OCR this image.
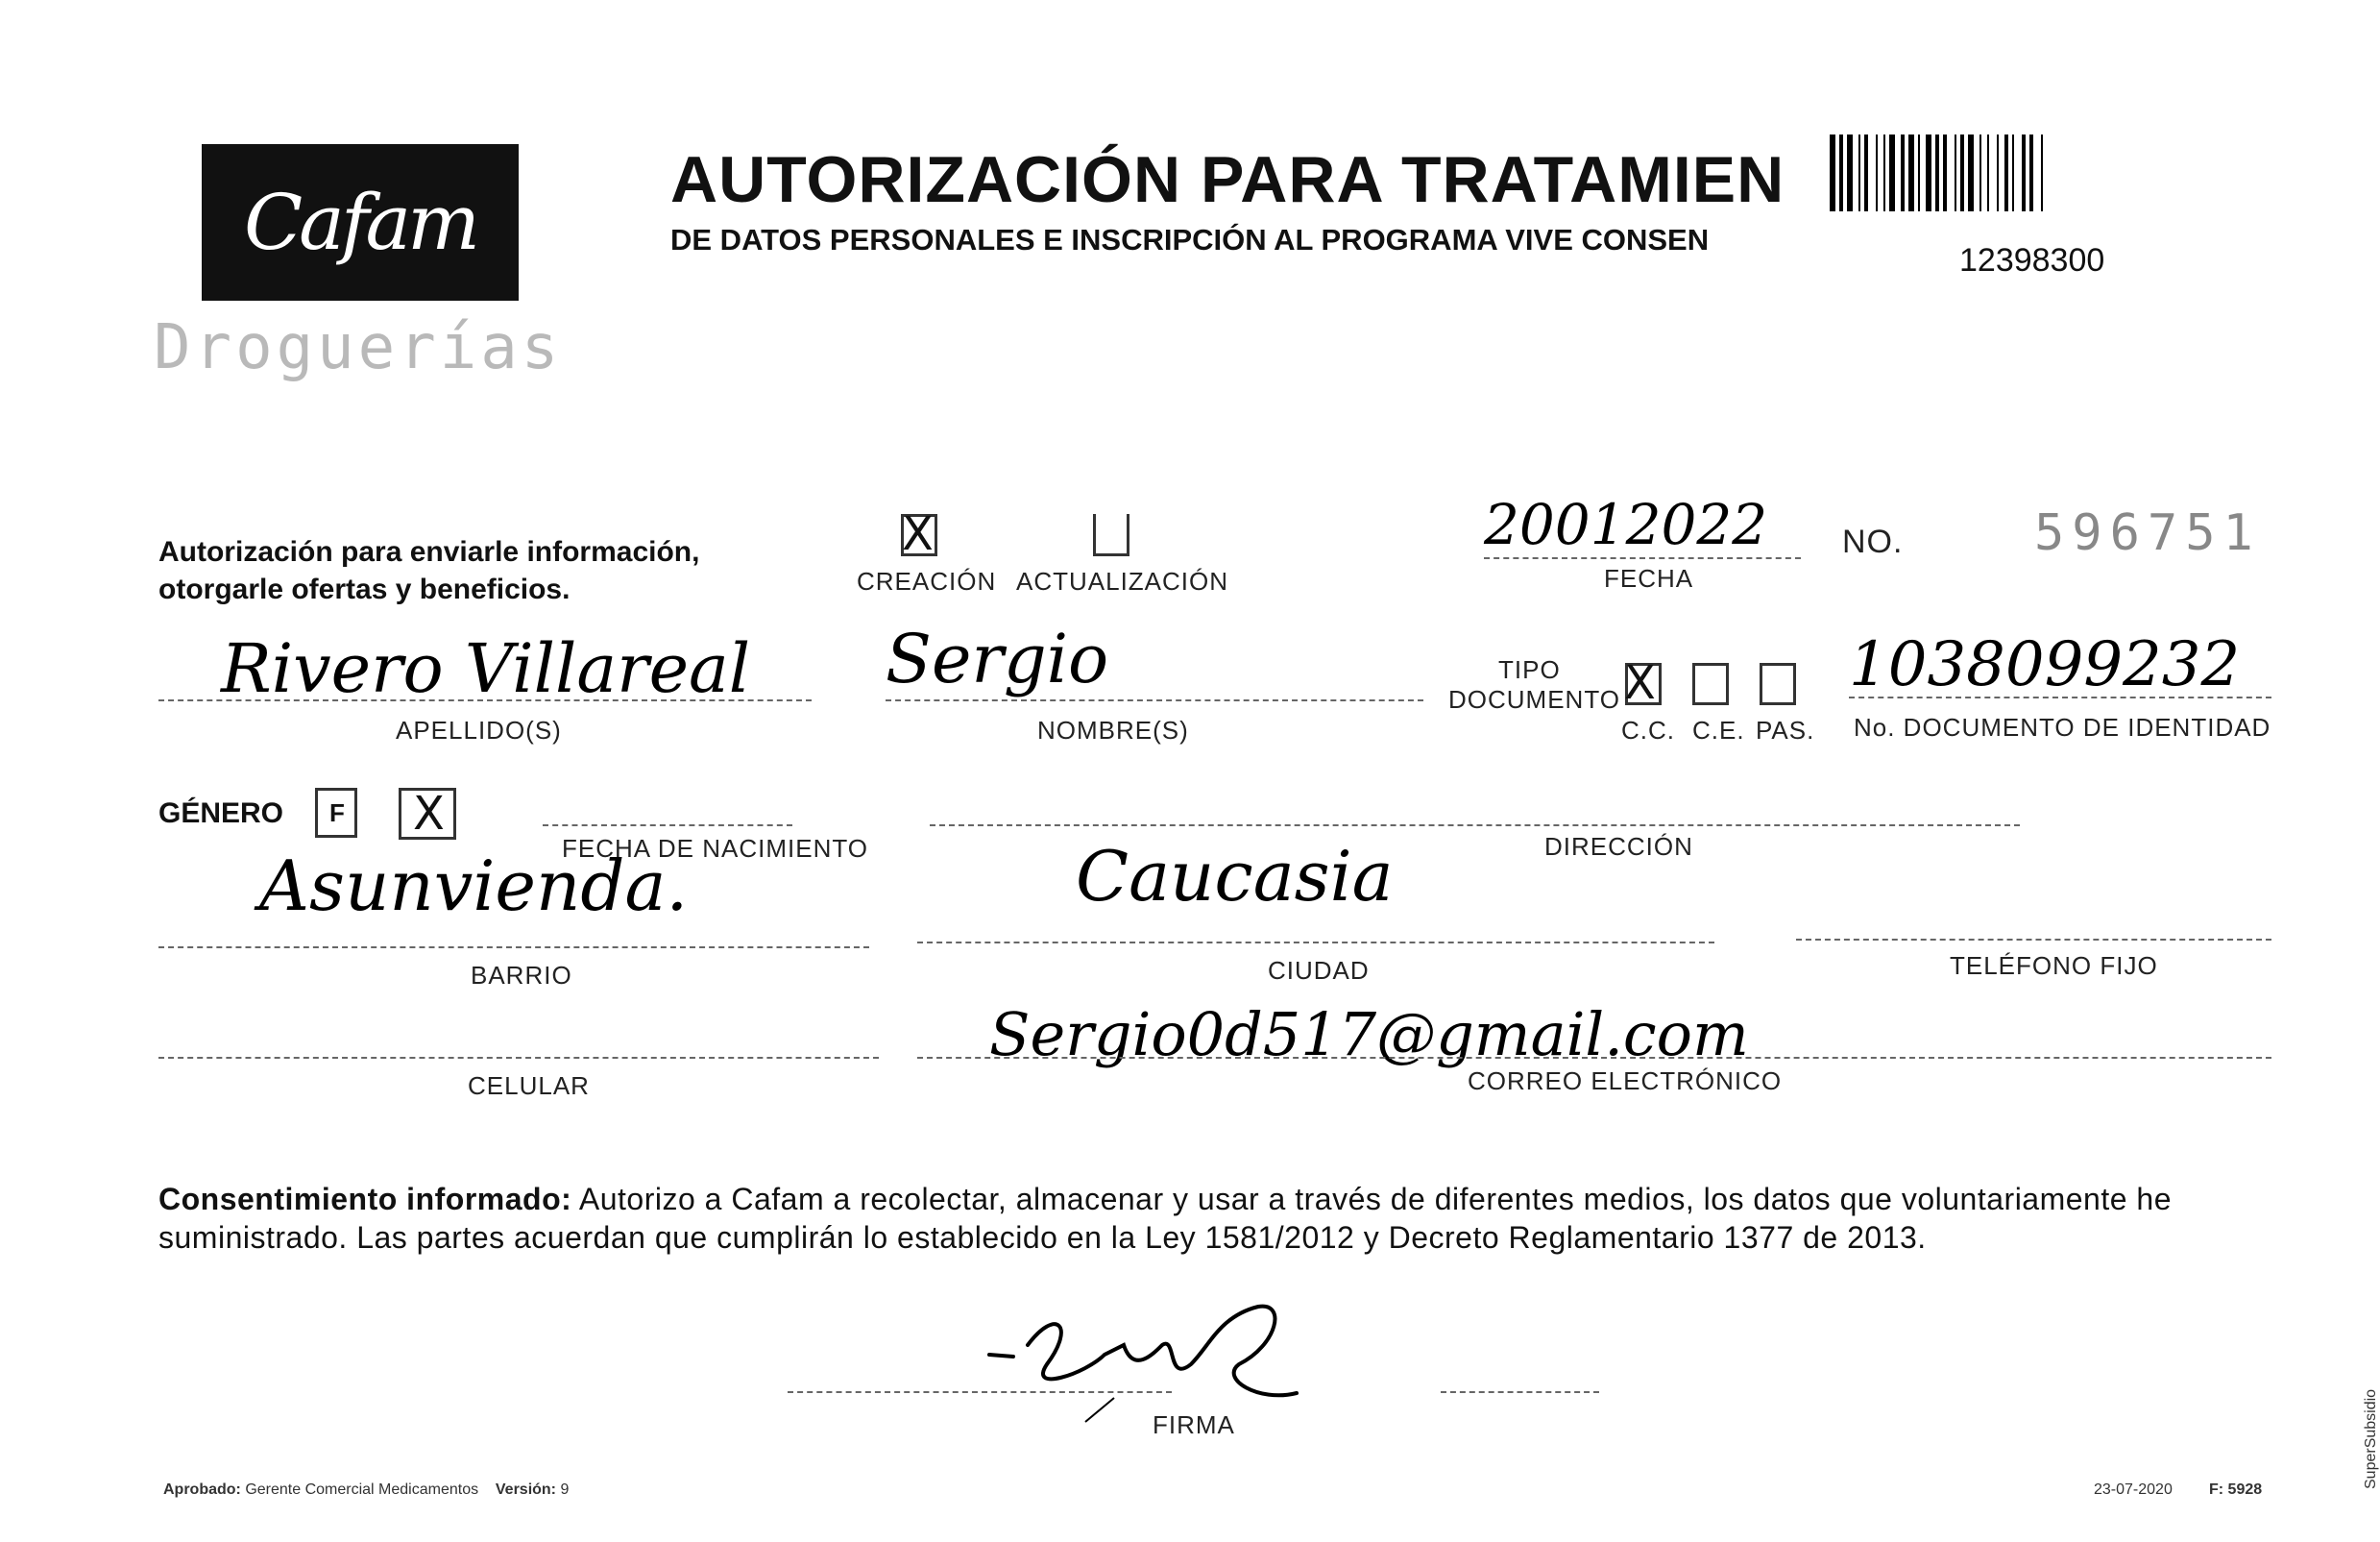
Cafam
Droguerías
AUTORIZACIÓN PARA TRATAMIEN
DE DATOS PERSONALES E INSCRIPCIÓN AL PROGRAMA VIVE CONSEN
12398300
Autorización para enviarle información,
otorgarle ofertas y beneficios.
X
CREACIÓN ACTUALIZACIÓN
20012022
FECHA
NO.	596751
Rivero Villareal
APELLIDO(S)
Sergio
NOMBRE(S)
TIPO
DOCUMENTO X
C.C. C.E. PAS.
1038099232
No. DOCUMENTO DE IDENTIDAD
GÉNERO F X
FECHA DE NACIMIENTO	DIRECCIÓN
Asunvienda.
BARRIO
Caucasia
CIUDAD	TELÉFONO FIJO
CELULAR
Sergio0d517@gmail.com
CORREO ELECTRÓNICO
Consentimiento informado: Autorizo a Cafam a recolectar, almacenar y usar a través de diferentes medios, los datos que voluntariamente he suministrado. Las partes acuerdan que cumplirán lo establecido en la Ley 1581/2012 y Decreto Reglamentario 1377 de 2013.
FIRMA
Aprobado: Gerente Comercial Medicamentos Versión: 9	23-07-2020 F: 5928
SuperSubsidio
